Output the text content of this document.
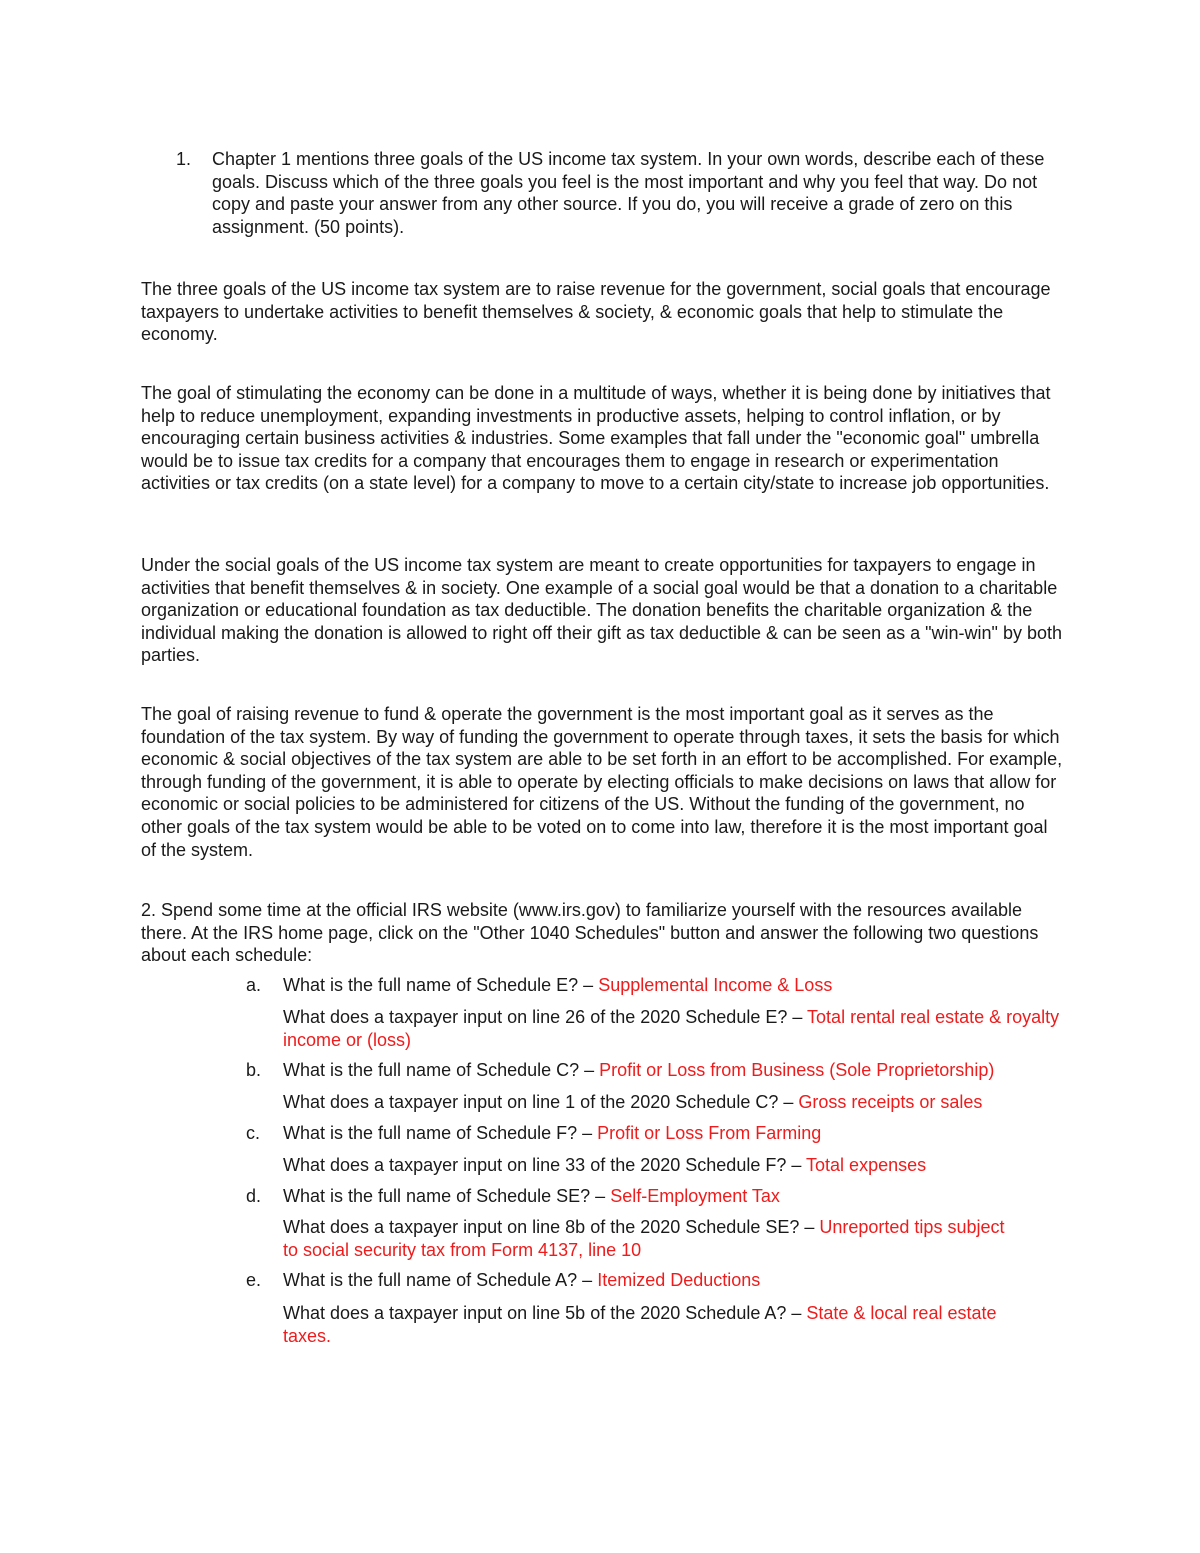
1. Chapter 1 mentions three goals of the US income tax system. In your own words, describe each of these goals. Discuss which of the three goals you feel is the most important and why you feel that way. Do not copy and paste your answer from any other source. If you do, you will receive a grade of zero on this assignment. (50 points).

The three goals of the US income tax system are to raise revenue for the government, social goals that encourage taxpayers to undertake activities to benefit themselves & society, & economic goals that help to stimulate the economy.

The goal of stimulating the economy can be done in a multitude of ways, whether it is being done by initiatives that help to reduce unemployment, expanding investments in productive assets, helping to control inflation, or by encouraging certain business activities & industries. Some examples that fall under the "economic goal" umbrella would be to issue tax credits for a company that encourages them to engage in research or experimentation activities or tax credits (on a state level) for a company to move to a certain city/state to increase job opportunities.

Under the social goals of the US income tax system are meant to create opportunities for taxpayers to engage in activities that benefit themselves & in society. One example of a social goal would be that a donation to a charitable organization or educational foundation as tax deductible. The donation benefits the charitable organization & the individual making the donation is allowed to right off their gift as tax deductible & can be seen as a "win-win" by both parties.

The goal of raising revenue to fund & operate the government is the most important goal as it serves as the foundation of the tax system. By way of funding the government to operate through taxes, it sets the basis for which economic & social objectives of the tax system are able to be set forth in an effort to be accomplished. For example, through funding of the government, it is able to operate by electing officials to make decisions on laws that allow for economic or social policies to be administered for citizens of the US. Without the funding of the government, no other goals of the tax system would be able to be voted on to come into law, therefore it is the most important goal of the system.

2. Spend some time at the official IRS website (www.irs.gov) to familiarize yourself with the resources available there. At the IRS home page, click on the "Other 1040 Schedules" button and answer the following two questions about each schedule:

a. What is the full name of Schedule E? – Supplemental Income & Loss
What does a taxpayer input on line 26 of the 2020 Schedule E? – Total rental real estate & royalty income or (loss)
b. What is the full name of Schedule C? – Profit or Loss from Business (Sole Proprietorship)
What does a taxpayer input on line 1 of the 2020 Schedule C? – Gross receipts or sales
c. What is the full name of Schedule F? – Profit or Loss From Farming
What does a taxpayer input on line 33 of the 2020 Schedule F? – Total expenses
d. What is the full name of Schedule SE? – Self-Employment Tax
What does a taxpayer input on line 8b of the 2020 Schedule SE? – Unreported tips subject to social security tax from Form 4137, line 10
e. What is the full name of Schedule A? – Itemized Deductions
What does a taxpayer input on line 5b of the 2020 Schedule A? – State & local real estate taxes.
